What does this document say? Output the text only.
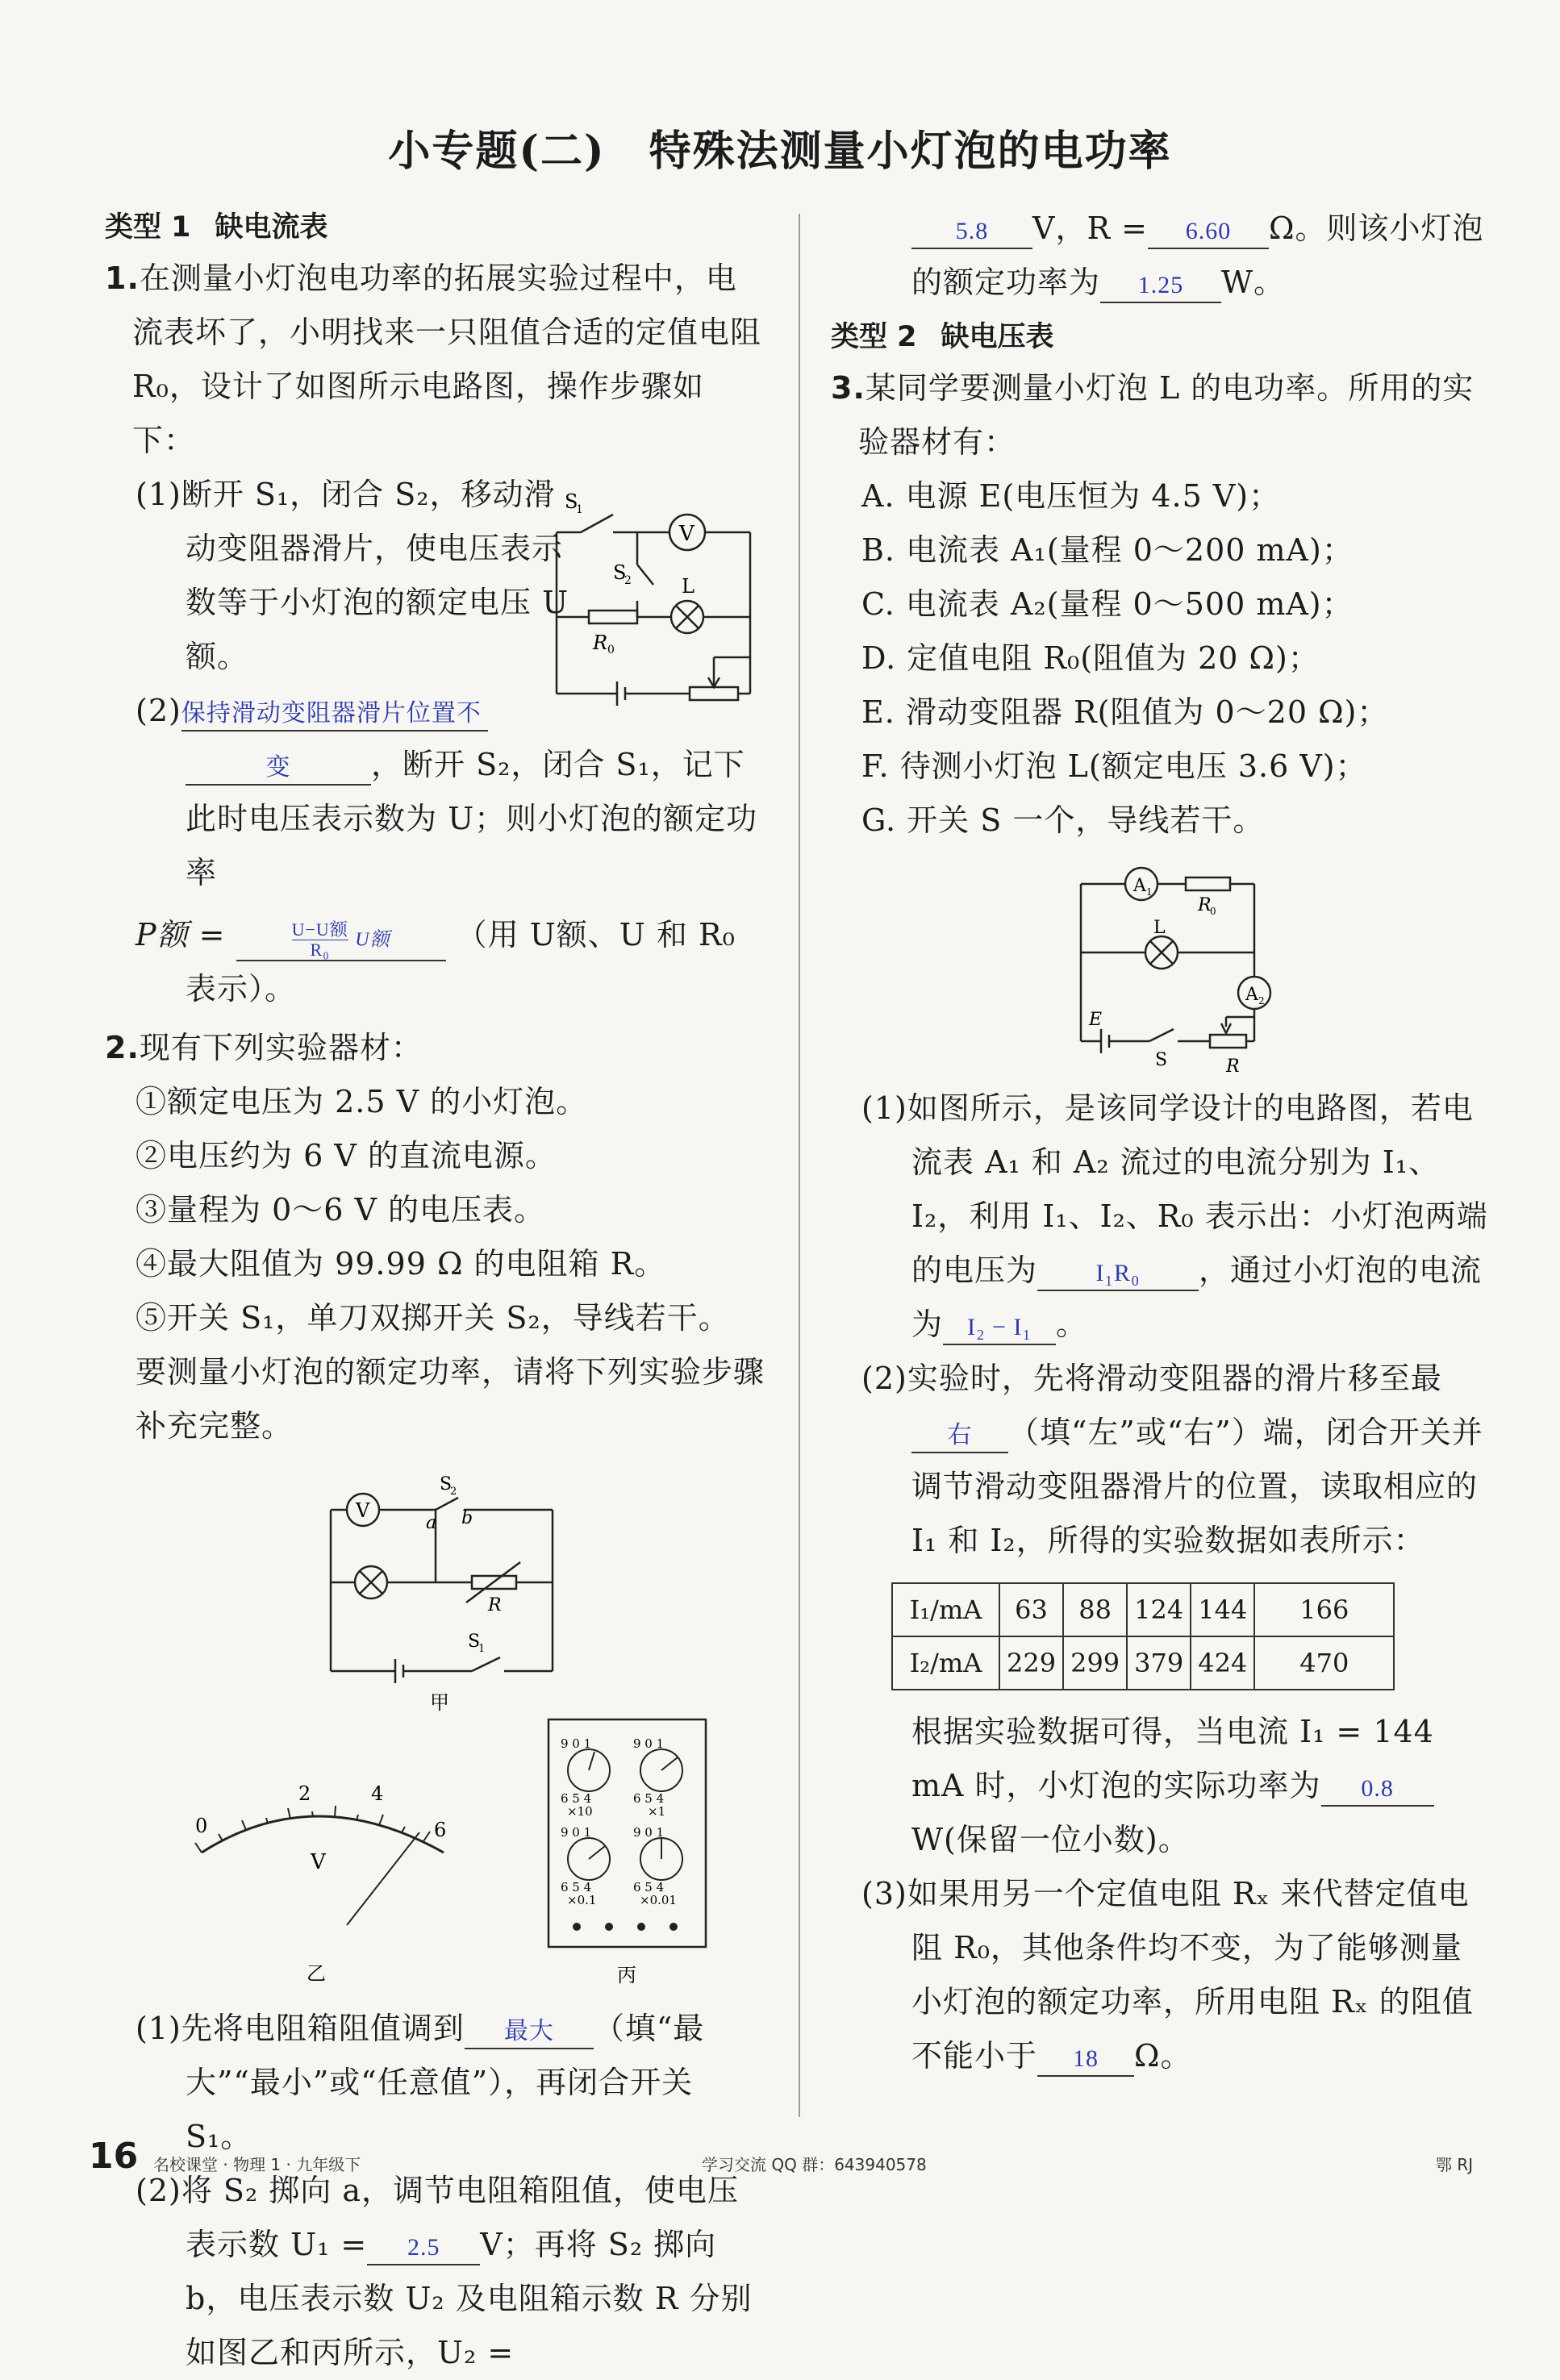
小专题(二)　特殊法测量小灯泡的电功率
类型 1 缺电流表

1.在测量小灯泡电功率的拓展实验过程中，电流表坏了，小明找来一只阻值合适的定值电阻 R₀，设计了如图所示电路图，操作步骤如下：

(1)断开 S₁，闭合 S₂，移动滑动变阻器滑片，使电压表示数等于小灯泡的额定电压 U额。

V
S
1
S
2	L
R 0

(2)保持滑动变阻器滑片位置不
变	，断开 S₂，闭合 S₁，记下此时电压表示数为 U；则小灯泡的额定功率

P额 =	U−U额
R₀ U额 （用 U额、U 和 R₀ 表示）。

2.现有下列实验器材：

①额定电压为 2.5 V 的小灯泡。

②电压约为 6 V 的直流电源。

③量程为 0～6 V 的电压表。

④最大阻值为 99.99 Ω 的电阻箱 R。

⑤开关 S₁，单刀双掷开关 S₂，导线若干。

要测量小灯泡的额定功率，请将下列实验步骤补充完整。

V
S
2
a b
R
S
1
甲
0
2	4
6
V
乙
9 0 1	9 0 1
6 5 4	6 5 4
×10	×1
9 0 1	9 0 1
6 5 4	6 5 4
×0.1	×0.01
丙

(1)先将电阻箱阻值调到 最大 （填“最大”“最小”或“任意值”），再闭合开关 S₁。

(2)将 S₂ 掷向 a，调节电阻箱阻值，使电压表示数 U₁ = 2.5 V；再将 S₂ 掷向 b，电压表示数 U₂ 及电阻箱示数 R 分别如图乙和丙所示，U₂ =

5.8 V，R = 6.60 Ω。则该小灯泡的额定功率为 1.25 W。

类型 2 缺电压表

3.某同学要测量小灯泡 L 的电功率。所用的实验器材有：

A. 电源 E(电压恒为 4.5 V)；

B. 电流表 A₁(量程 0～200 mA)；

C. 电流表 A₂(量程 0～500 mA)；

D. 定值电阻 R₀(阻值为 20 Ω)；

E. 滑动变阻器 R(阻值为 0～20 Ω)；

F. 待测小灯泡 L(额定电压 3.6 V)；

G. 开关 S 一个，导线若干。

A 1
R
0
L
A 2
E
S	R

(1)如图所示，是该同学设计的电路图，若电流表 A₁ 和 A₂ 流过的电流分别为 I₁、I₂，利用 I₁、I₂、R₀ 表示出：小灯泡两端的电压为 I₁R₀ ，通过小灯泡的电流为 I₂ − I₁ 。

(2)实验时，先将滑动变阻器的滑片移至最右 （填“左”或“右”）端，闭合开关并调节滑动变阻器滑片的位置，读取相应的 I₁ 和 I₂，所得的实验数据如表所示：

I₁/mA	63	88	124	144	166
I₂/mA	229	299	379	424	470

根据实验数据可得，当电流 I₁ = 144 mA 时，小灯泡的实际功率为 0.8W(保留一位小数)。

(3)如果用另一个定值电阻 Rₓ 来代替定值电阻 R₀，其他条件均不变，为了能够测量小灯泡的额定功率，所用电阻 Rₓ 的阻值不能小于 18 Ω。

16 名校课堂 · 物理 1 · 九年级下	学习交流 QQ 群：643940578	鄂 RJ
